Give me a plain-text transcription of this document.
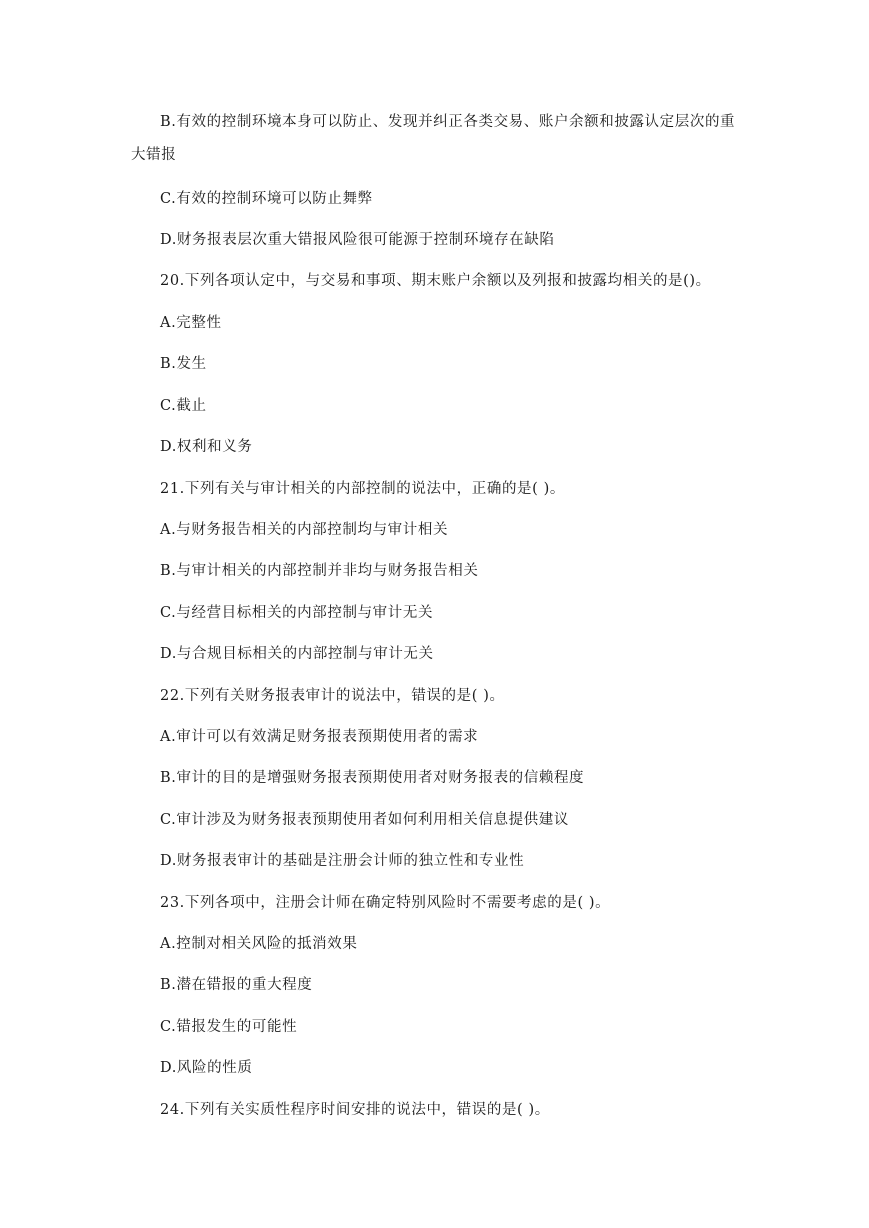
B.有效的控制环境本身可以防止、发现并纠正各类交易、账户余额和披露认定层次的重
大错报
C.有效的控制环境可以防止舞弊
D.财务报表层次重大错报风险很可能源于控制环境存在缺陷
20.下列各项认定中，与交易和事项、期末账户余额以及列报和披露均相关的是()。
A.完整性
B.发生
C.截止
D.权利和义务
21.下列有关与审计相关的内部控制的说法中，正确的是( )。
A.与财务报告相关的内部控制均与审计相关
B.与审计相关的内部控制并非均与财务报告相关
C.与经营目标相关的内部控制与审计无关
D.与合规目标相关的内部控制与审计无关
22.下列有关财务报表审计的说法中，错误的是( )。
A.审计可以有效满足财务报表预期使用者的需求
B.审计的目的是增强财务报表预期使用者对财务报表的信赖程度
C.审计涉及为财务报表预期使用者如何利用相关信息提供建议
D.财务报表审计的基础是注册会计师的独立性和专业性
23.下列各项中，注册会计师在确定特别风险时不需要考虑的是( )。
A.控制对相关风险的抵消效果
B.潜在错报的重大程度
C.错报发生的可能性
D.风险的性质
24.下列有关实质性程序时间安排的说法中，错误的是( )。
